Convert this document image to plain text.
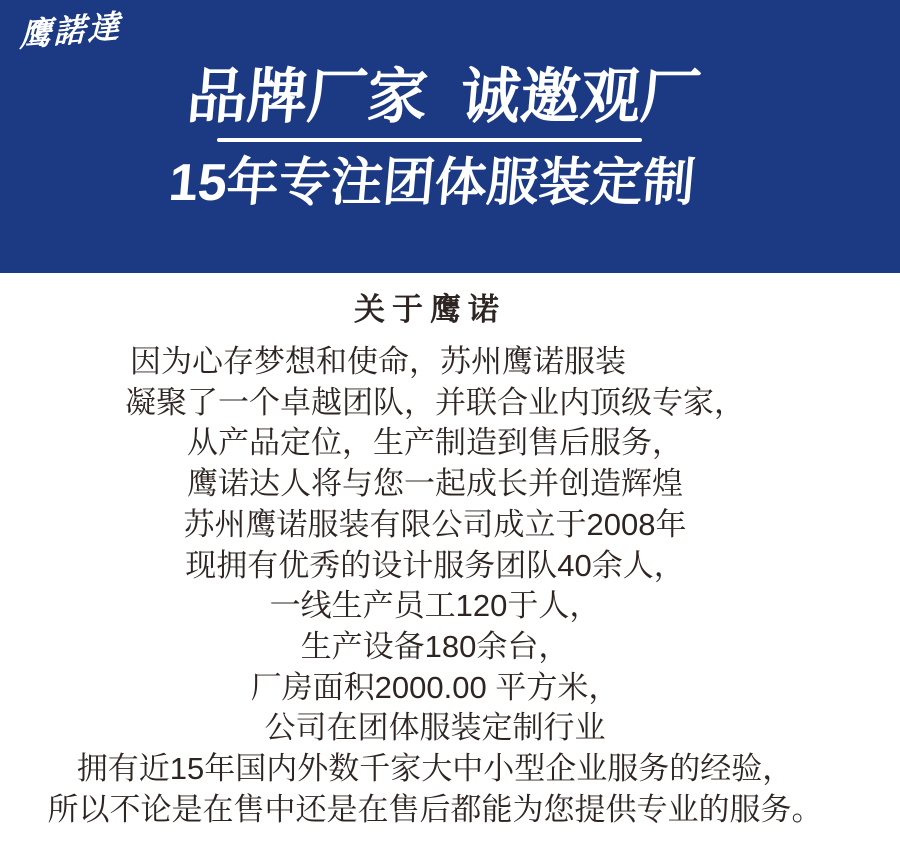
鹰諾達
品牌厂家  诚邀观厂
15年专注团体服装定制
关于鹰诺
因为心存梦想和使命，苏州鹰诺服装
凝聚了一个卓越团队，并联合业内顶级专家，
从产品定位，生产制造到售后服务，
鹰诺达人将与您一起成长并创造辉煌
苏州鹰诺服装有限公司成立于2008年
现拥有优秀的设计服务团队40余人，
一线生产员工120于人，
生产设备180余台，
厂房面积2000.00 平方米，
公司在团体服装定制行业
拥有近15年国内外数千家大中小型企业服务的经验，
所以不论是在售中还是在售后都能为您提供专业的服务。
